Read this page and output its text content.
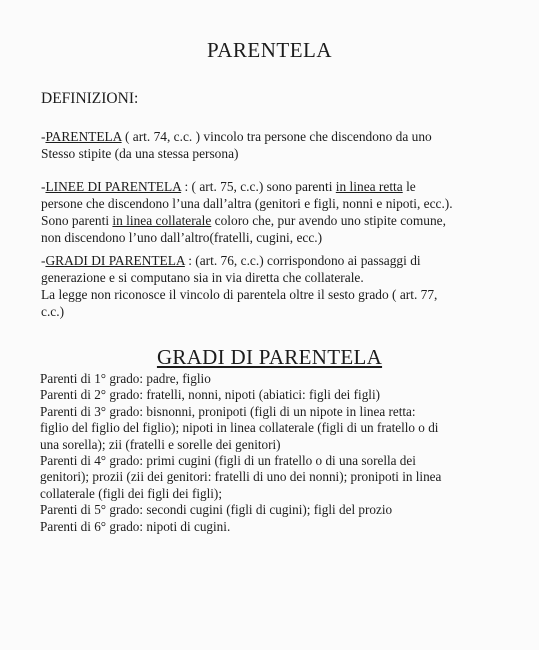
PARENTELA
DEFINIZIONI:
-PARENTELA ( art. 74, c.c. ) vincolo tra persone che discendono da uno
Stesso stipite (da una stessa persona)
-LINEE DI PARENTELA : ( art. 75, c.c.) sono parenti in linea retta le
persone che discendono l’una dall’altra (genitori e figli, nonni e nipoti, ecc.).
Sono parenti in linea collaterale coloro che, pur avendo uno stipite comune,
non discendono l’uno dall’altro(fratelli, cugini, ecc.)
-GRADI DI PARENTELA : (art. 76, c.c.) corrispondono ai passaggi di
generazione e si computano sia in via diretta che collaterale.
La legge non riconosce il vincolo di parentela oltre il sesto grado ( art. 77,
c.c.)
GRADI DI PARENTELA
Parenti di 1° grado: padre, figlio
Parenti di 2° grado: fratelli, nonni, nipoti (abiatici: figli dei figli)
Parenti di 3° grado: bisnonni, pronipoti (figli di un nipote in linea retta:
figlio del figlio del figlio); nipoti in linea collaterale (figli di un fratello o di
una sorella); zii (fratelli e sorelle dei genitori)
Parenti di 4° grado: primi cugini (figli di un fratello o di una sorella dei
genitori); prozii (zii dei genitori: fratelli di uno dei nonni); pronipoti in linea
collaterale (figli dei figli dei figli);
Parenti di 5° grado: secondi cugini (figli di cugini); figli del prozio
Parenti di 6° grado: nipoti di cugini.
